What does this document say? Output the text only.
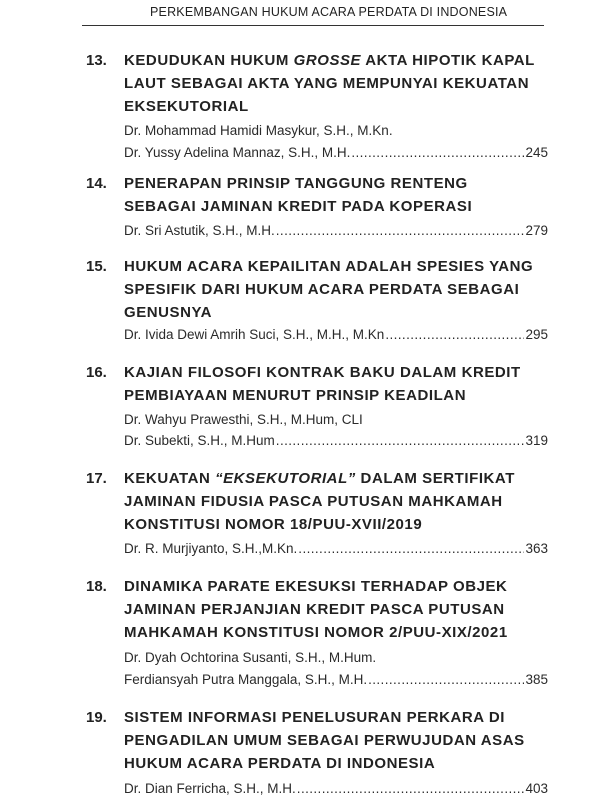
PERKEMBANGAN HUKUM ACARA PERDATA DI INDONESIA
13. KEDUDUKAN HUKUM GROSSE AKTA HIPOTIK KAPAL
LAUT SEBAGAI AKTA YANG MEMPUNYAI KEKUATAN
EKSEKUTORIAL
Dr. Mohammad Hamidi Masykur, S.H., M.Kn.
Dr. Yussy Adelina Mannaz, S.H., M.H. .....	245
14. PENERAPAN PRINSIP TANGGUNG RENTENG
SEBAGAI JAMINAN KREDIT PADA KOPERASI
Dr. Sri Astutik, S.H., M.H. .....	279
15. HUKUM ACARA KEPAILITAN ADALAH SPESIES YANG
SPESIFIK DARI HUKUM ACARA PERDATA SEBAGAI
GENUSNYA
Dr. Ivida Dewi Amrih Suci, S.H., M.H., M.Kn .....	295
16. KAJIAN FILOSOFI KONTRAK BAKU DALAM KREDIT
PEMBIAYAAN MENURUT PRINSIP KEADILAN
Dr. Wahyu Prawesthi, S.H., M.Hum, CLI
Dr. Subekti, S.H., M.Hum .....	319
17. KEKUATAN “EKSEKUTORIAL” DALAM SERTIFIKAT
JAMINAN FIDUSIA PASCA PUTUSAN MAHKAMAH
KONSTITUSI NOMOR 18/PUU-XVII/2019
Dr. R. Murjiyanto, S.H.,M.Kn. .....	363
18. DINAMIKA PARATE EKESUKSI TERHADAP OBJEK
JAMINAN PERJANJIAN KREDIT PASCA PUTUSAN
MAHKAMAH KONSTITUSI NOMOR 2/PUU-XIX/2021
Dr. Dyah Ochtorina Susanti, S.H., M.Hum.
Ferdiansyah Putra Manggala, S.H., M.H. .....	385
19. SISTEM INFORMASI PENELUSURAN PERKARA DI
PENGADILAN UMUM SEBAGAI PERWUJUDAN ASAS
HUKUM ACARA PERDATA DI INDONESIA
Dr. Dian Ferricha, S.H., M.H. .....	403
